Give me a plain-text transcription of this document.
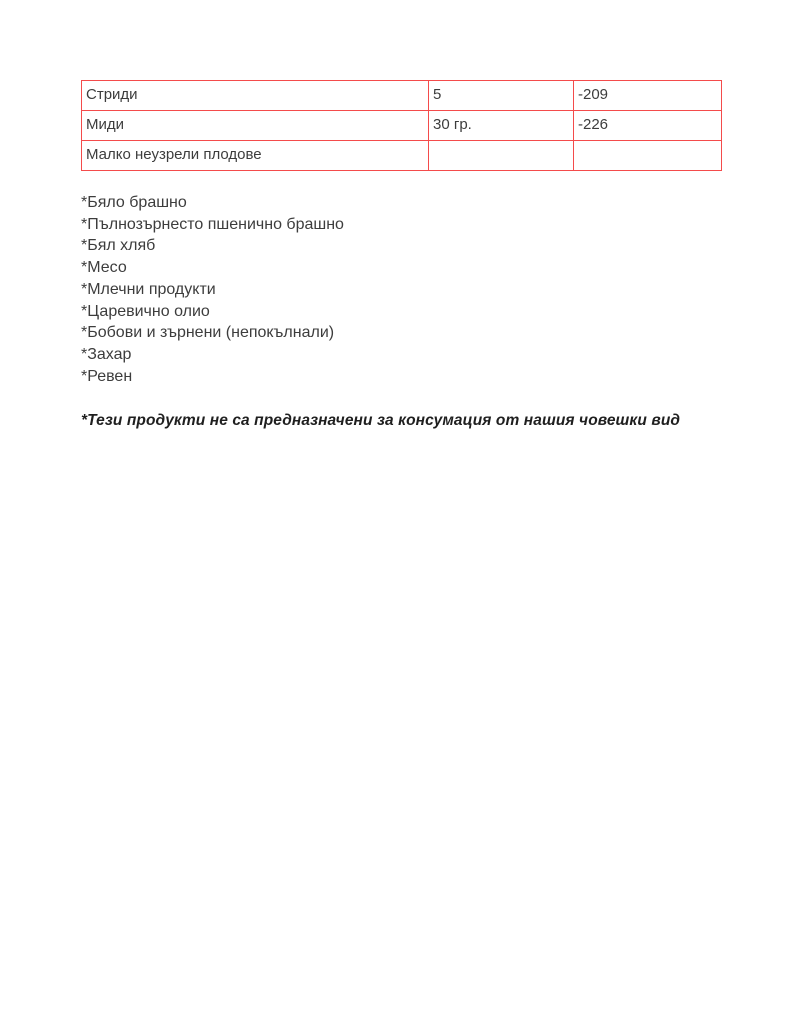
Стриди	5	-209
Миди	30 гр.	-226
Малко неузрели плодове		

*Бяло брашно

*Пълнозърнесто пшенично брашно

*Бял хляб

*Месо

*Млечни продукти

*Царевично олио

*Бобови и зърнени (непокълнали)

*Захар

*Ревен

*Тези продукти не са предназначени за консумация от нашия човешки вид
